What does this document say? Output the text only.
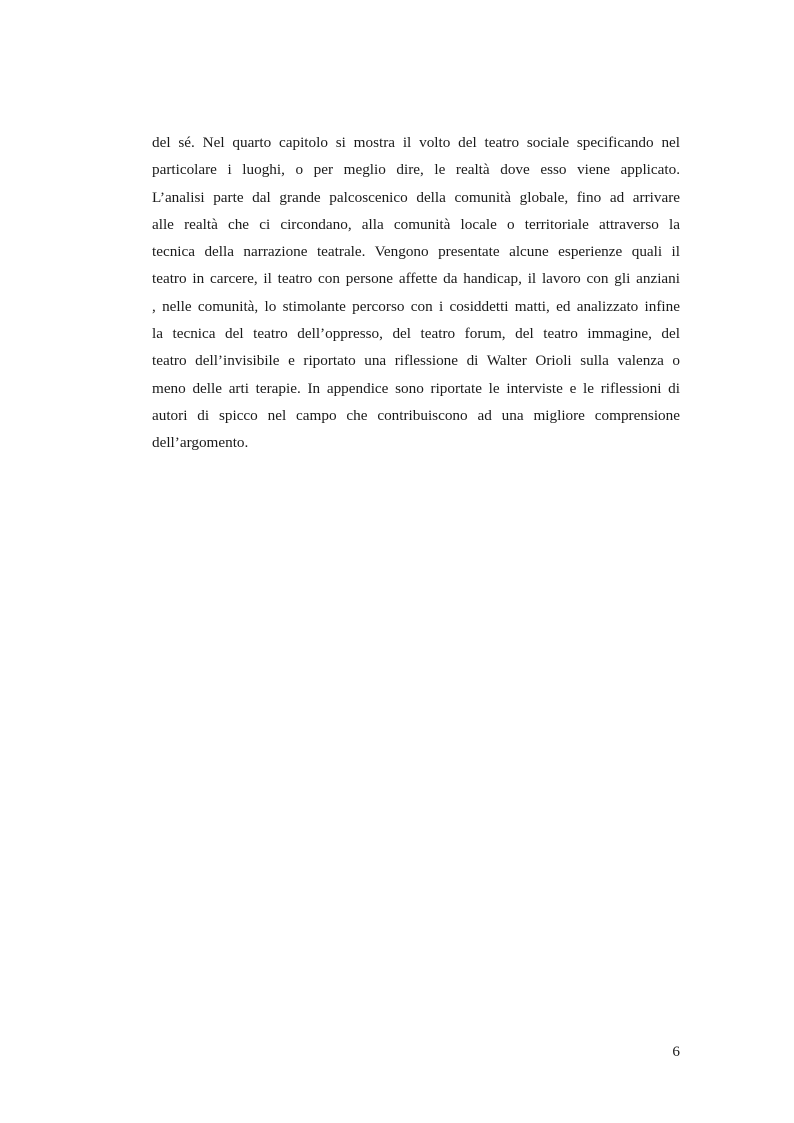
del sé. Nel quarto capitolo si mostra il volto del teatro sociale specificando nel
particolare i luoghi, o per meglio dire, le realtà dove esso viene applicato.
L’analisi parte dal grande palcoscenico della comunità globale, fino ad arrivare
alle realtà che ci circondano, alla comunità locale o territoriale attraverso la
tecnica della narrazione teatrale. Vengono presentate alcune esperienze quali il
teatro in carcere, il teatro con persone affette da handicap, il lavoro con gli anziani
, nelle comunità, lo stimolante percorso con i cosiddetti matti, ed analizzato infine
la tecnica del teatro dell’oppresso, del teatro forum, del teatro immagine, del
teatro dell’invisibile e riportato una riflessione di Walter Orioli sulla valenza o
meno delle arti terapie. In appendice sono riportate le interviste e le riflessioni di
autori di spicco nel campo che contribuiscono ad una migliore comprensione
dell’argomento.

6
